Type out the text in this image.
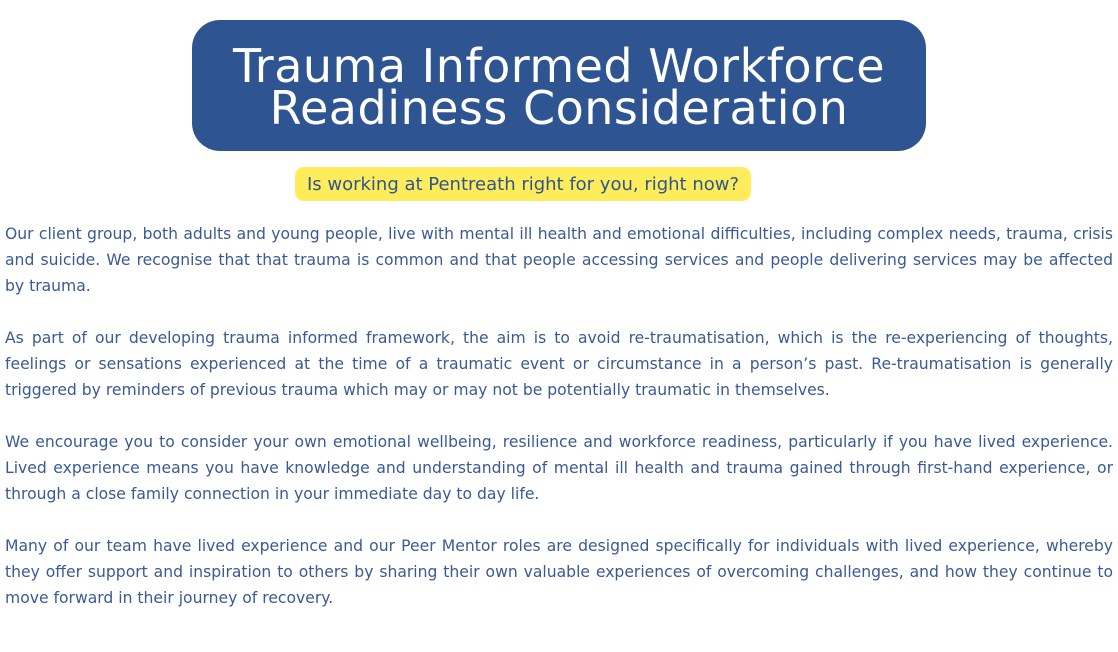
Trauma Informed Workforce
Readiness Consideration
Is working at Pentreath right for you, right now?

Our client group, both adults and young people, live with mental ill health and emotional difficulties, including complex needs, trauma, crisis and suicide. We recognise that that trauma is common and that people accessing services and people delivering services may be affected by trauma.

As part of our developing trauma informed framework, the aim is to avoid re-traumatisation, which is the re-experiencing of thoughts, feelings or sensations experienced at the time of a traumatic event or circumstance in a person’s past. Re-traumatisation is generally triggered by reminders of previous trauma which may or may not be potentially traumatic in themselves.

We encourage you to consider your own emotional wellbeing, resilience and workforce readiness, particularly if you have lived experience. Lived experience means you have knowledge and understanding of mental ill health and trauma gained through first-hand experience, or through a close family connection in your immediate day to day life.

Many of our team have lived experience and our Peer Mentor roles are designed specifically for individuals with lived experience, whereby they offer support and inspiration to others by sharing their own valuable experiences of overcoming challenges, and how they continue to move forward in their journey of recovery.
